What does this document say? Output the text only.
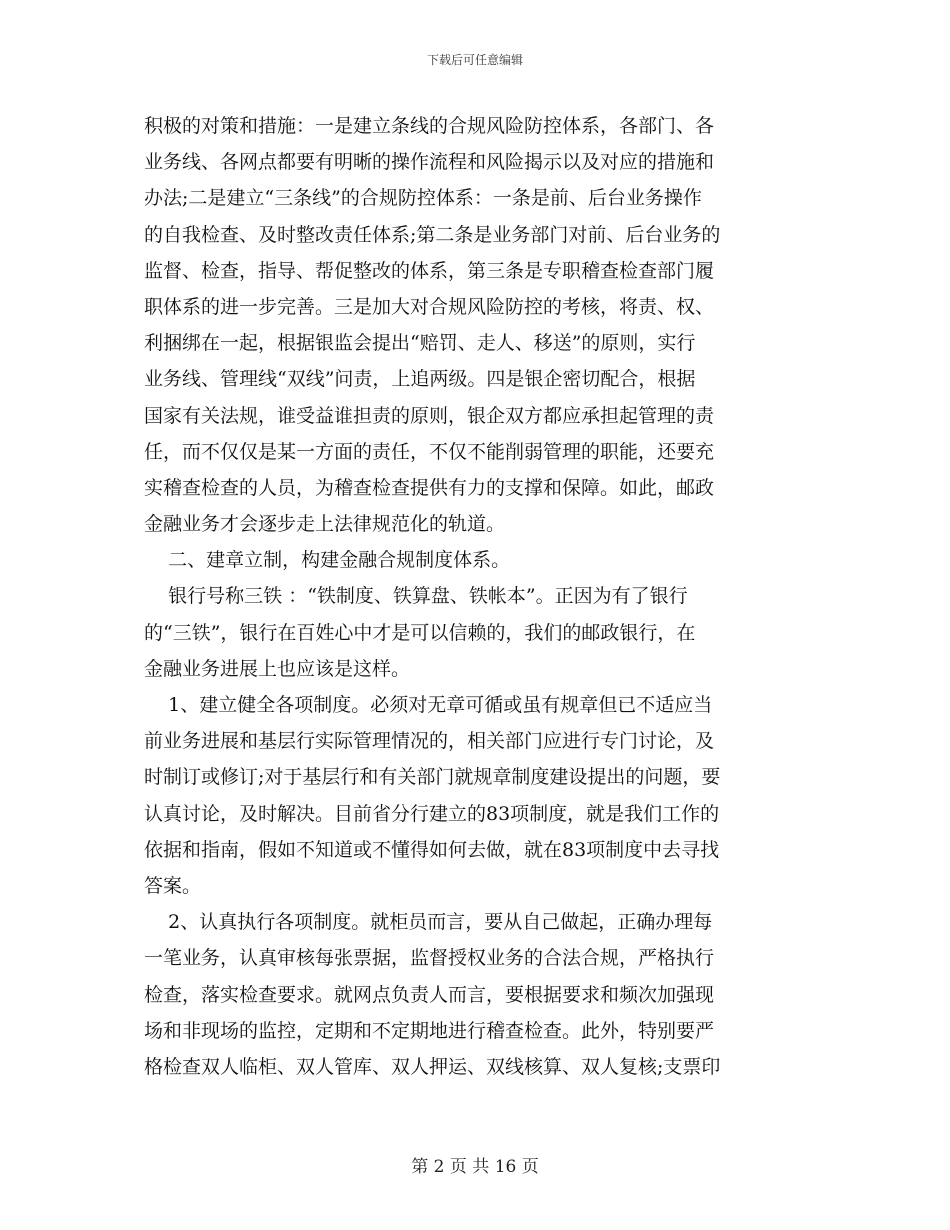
下载后可任意编辑
积极的对策和措施：一是建立条线的合规风险防控体系，各部门、各
业务线、各网点都要有明晰的操作流程和风险揭示以及对应的措施和
办法;二是建立“三条线”的合规防控体系：一条是前、后台业务操作
的自我检查、及时整改责任体系;第二条是业务部门对前、后台业务的
监督、检查，指导、帮促整改的体系，第三条是专职稽查检查部门履
职体系的进一步完善。三是加大对合规风险防控的考核，将责、权、
利捆绑在一起，根据银监会提出“赔罚、走人、移送”的原则，实行
业务线、管理线“双线”问责，上追两级。四是银企密切配合，根据
国家有关法规，谁受益谁担责的原则，银企双方都应承担起管理的责
任，而不仅仅是某一方面的责任，不仅不能削弱管理的职能，还要充
实稽查检查的人员，为稽查检查提供有力的支撑和保障。如此，邮政
金融业务才会逐步走上法律规范化的轨道。
二、建章立制，构建金融合规制度体系。
银行号称三铁 ：“铁制度、铁算盘、铁帐本”。正因为有了银行
的“三铁”，银行在百姓心中才是可以信赖的，我们的邮政银行，在
金融业务进展上也应该是这样。
1、建立健全各项制度。必须对无章可循或虽有规章但已不适应当
前业务进展和基层行实际管理情况的，相关部门应进行专门讨论，及
时制订或修订;对于基层行和有关部门就规章制度建设提出的问题，要
认真讨论，及时解决。目前省分行建立的83项制度，就是我们工作的
依据和指南，假如不知道或不懂得如何去做，就在83项制度中去寻找
答案。
2、认真执行各项制度。就柜员而言，要从自己做起，正确办理每
一笔业务，认真审核每张票据，监督授权业务的合法合规，严格执行
检查，落实检查要求。就网点负责人而言，要根据要求和频次加强现
场和非现场的监控，定期和不定期地进行稽查检查。此外，特别要严
格检查双人临柜、双人管库、双人押运、双线核算、双人复核;支票印
第 2 页 共 16 页
